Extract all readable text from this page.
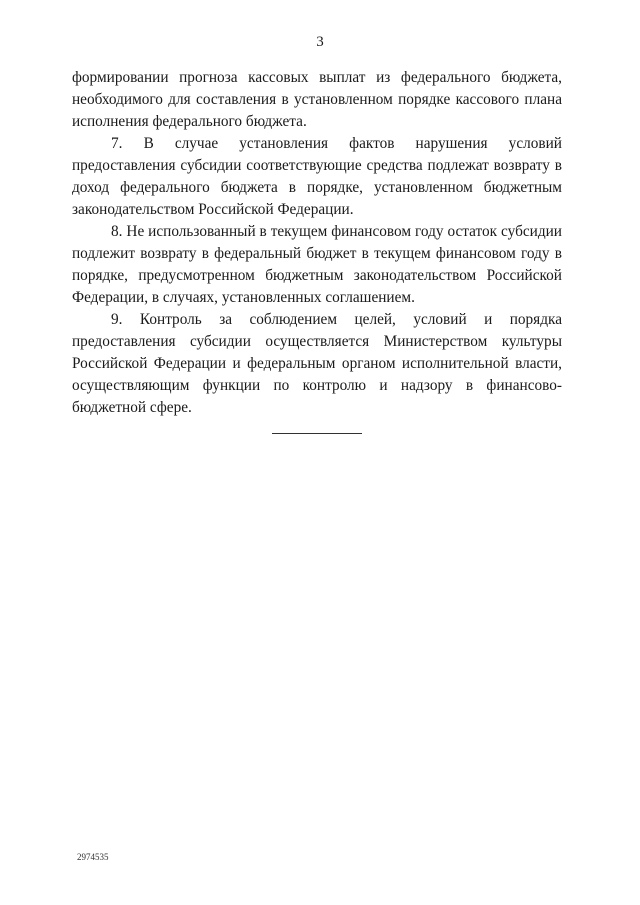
3

формировании прогноза кассовых выплат из федерального бюджета, необходимого для составления в установленном порядке кассового плана исполнения федерального бюджета.

7. В случае установления фактов нарушения условий предоставления субсидии соответствующие средства подлежат возврату в доход федерального бюджета в порядке, установленном бюджетным законодательством Российской Федерации.

8. Не использованный в текущем финансовом году остаток субсидии подлежит возврату в федеральный бюджет в текущем финансовом году в порядке, предусмотренном бюджетным законодательством Российской Федерации, в случаях, установленных соглашением.

9. Контроль за соблюдением целей, условий и порядка предоставления субсидии осуществляется Министерством культуры Российской Федерации и федеральным органом исполнительной власти, осуществляющим функции по контролю и надзору в финансово-бюджетной сфере.

2974535
